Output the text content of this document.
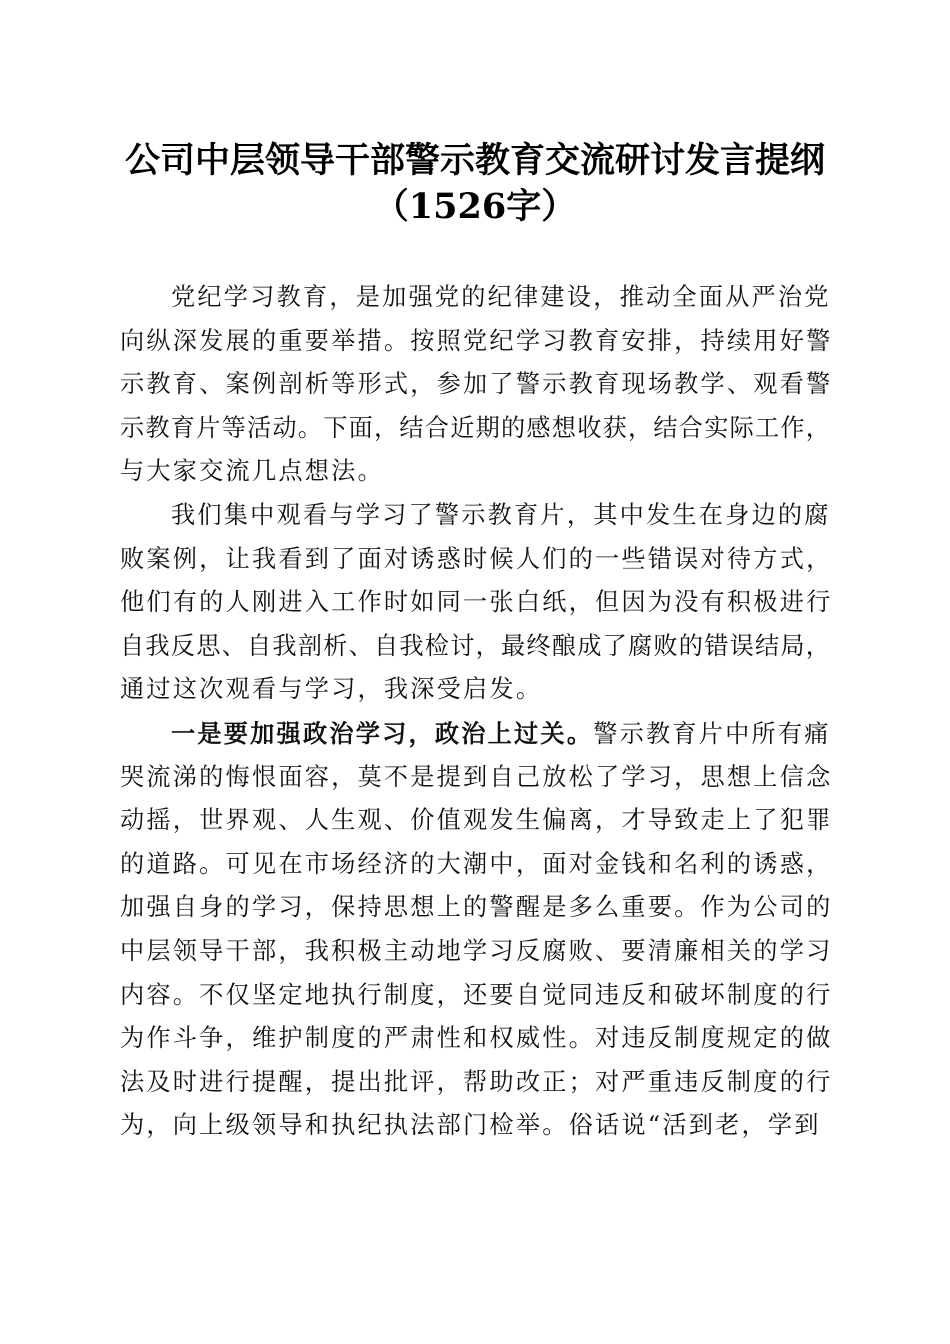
公司中层领导干部警示教育交流研讨发言提纲
（1526字）
党纪学习教育，是加强党的纪律建设，推动全面从严治党
向纵深发展的重要举措。按照党纪学习教育安排，持续用好警
示教育、案例剖析等形式，参加了警示教育现场教学、观看警
示教育片等活动。下面，结合近期的感想收获，结合实际工作，
与大家交流几点想法。
我们集中观看与学习了警示教育片，其中发生在身边的腐
败案例，让我看到了面对诱惑时候人们的一些错误对待方式，
他们有的人刚进入工作时如同一张白纸，但因为没有积极进行
自我反思、自我剖析、自我检讨，最终酿成了腐败的错误结局，
通过这次观看与学习，我深受启发。
一是要加强政治学习，政治上过关。警示教育片中所有痛
哭流涕的悔恨面容，莫不是提到自己放松了学习，思想上信念
动摇，世界观、人生观、价值观发生偏离，才导致走上了犯罪
的道路。可见在市场经济的大潮中，面对金钱和名利的诱惑，
加强自身的学习，保持思想上的警醒是多么重要。作为公司的
中层领导干部，我积极主动地学习反腐败、要清廉相关的学习
内容。不仅坚定地执行制度，还要自觉同违反和破坏制度的行
为作斗争，维护制度的严肃性和权威性。对违反制度规定的做
法及时进行提醒，提出批评，帮助改正；对严重违反制度的行
为，向上级领导和执纪执法部门检举。俗话说“活到老，学到
